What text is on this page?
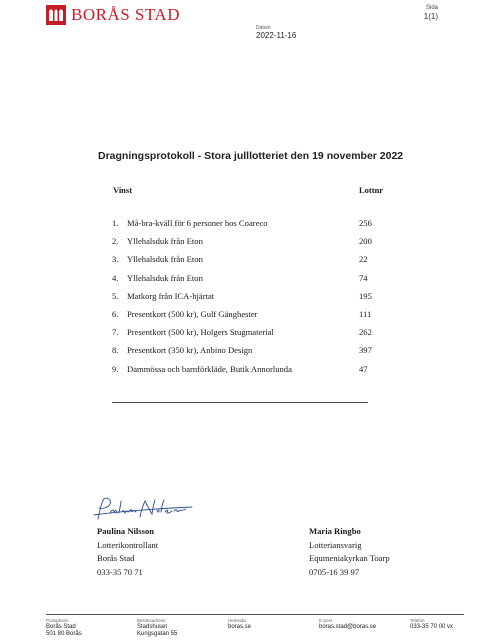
BORÅS STAD	Sida
1(1)
Datum
2022-11-16
Dragningsprotokoll - Stora julllotteriet den 19 november 2022
Vinst	Lottnr
1. Må-bra-kväll för 6 personer hos Coareco	256
2. Yllehalsduk från Eton	200
3. Yllehalsduk från Eton	22
4. Yllehalsduk från Eton	74
5. Matkorg från ICA-hjärtat	195
6. Presentkort (500 kr), Gulf Gänghester	111
7. Presentkort (500 kr), Holgers Stugmaterial	262
8. Presentkort (350 kr), Anbino Design	397
9. Dammössa och barnförkläde, Butik Annorlunda	47
Paulina Nilsson
Lotterikontrollant
Borås Stad
033-35 70 71
Maria Ringbo
Lotteriansvarig
Equmeniakyrkan Toarp
0705-16 39 97
Postadress
Borås Stad
501 80 Borås
Besöksadress
Stadshuset
Kungsgatan 55
Hemsida
boras.se
E-post
boras.stad@boras.se
Telefon
033-35 70 00 vx
